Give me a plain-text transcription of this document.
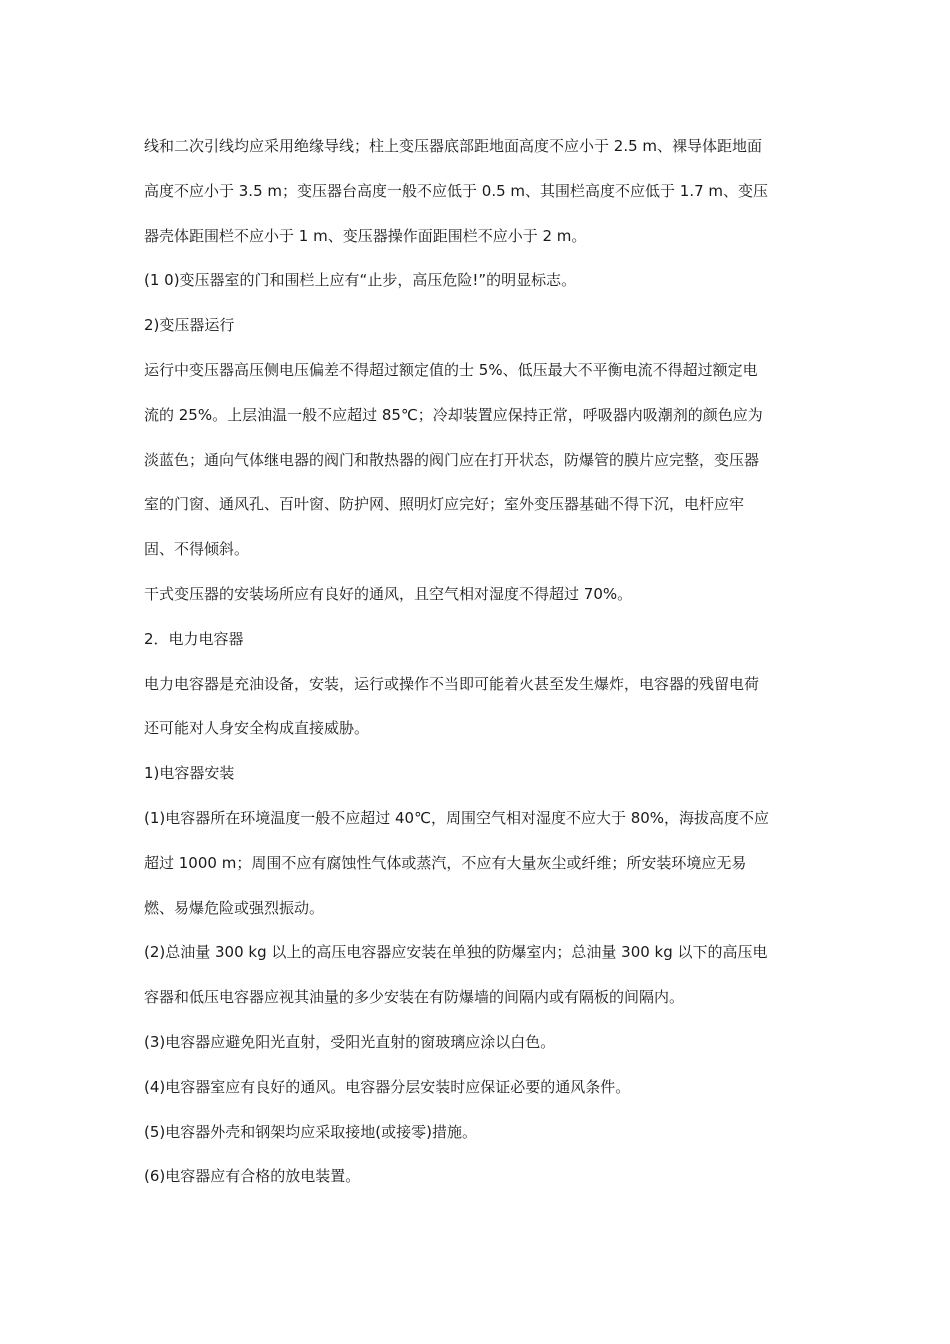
线和二次引线均应采用绝缘导线；柱上变压器底部距地面高度不应小于 2.5 m、裸导体距地面
高度不应小于 3.5 m；变压器台高度一般不应低于 0.5 m、其围栏高度不应低于 1.7 m、变压
器壳体距围栏不应小于 1 m、变压器操作面距围栏不应小于 2 m。
(1 0)变压器室的门和围栏上应有“止步，高压危险!”的明显标志。
2)变压器运行
运行中变压器高压侧电压偏差不得超过额定值的士 5%、低压最大不平衡电流不得超过额定电
流的 25%。上层油温一般不应超过 85℃；冷却装置应保持正常，呼吸器内吸潮剂的颜色应为
淡蓝色；通向气体继电器的阀门和散热器的阀门应在打开状态，防爆管的膜片应完整，变压器
室的门窗、通风孔、百叶窗、防护网、照明灯应完好；室外变压器基础不得下沉，电杆应牢
固、不得倾斜。
干式变压器的安装场所应有良好的通风，且空气相对湿度不得超过 70%。
2．电力电容器
电力电容器是充油设备，安装，运行或操作不当即可能着火甚至发生爆炸，电容器的残留电荷
还可能对人身安全构成直接威胁。
1)电容器安装
(1)电容器所在环境温度一般不应超过 40℃，周围空气相对湿度不应大于 80%，海拔高度不应
超过 1000 m；周围不应有腐蚀性气体或蒸汽，不应有大量灰尘或纤维；所安装环境应无易
燃、易爆危险或强烈振动。
(2)总油量 300 kg 以上的高压电容器应安装在单独的防爆室内；总油量 300 kg 以下的高压电
容器和低压电容器应视其油量的多少安装在有防爆墙的间隔内或有隔板的间隔内。
(3)电容器应避免阳光直射，受阳光直射的窗玻璃应涂以白色。
(4)电容器室应有良好的通风。电容器分层安装时应保证必要的通风条件。
(5)电容器外壳和钢架均应采取接地(或接零)措施。
(6)电容器应有合格的放电装置。
